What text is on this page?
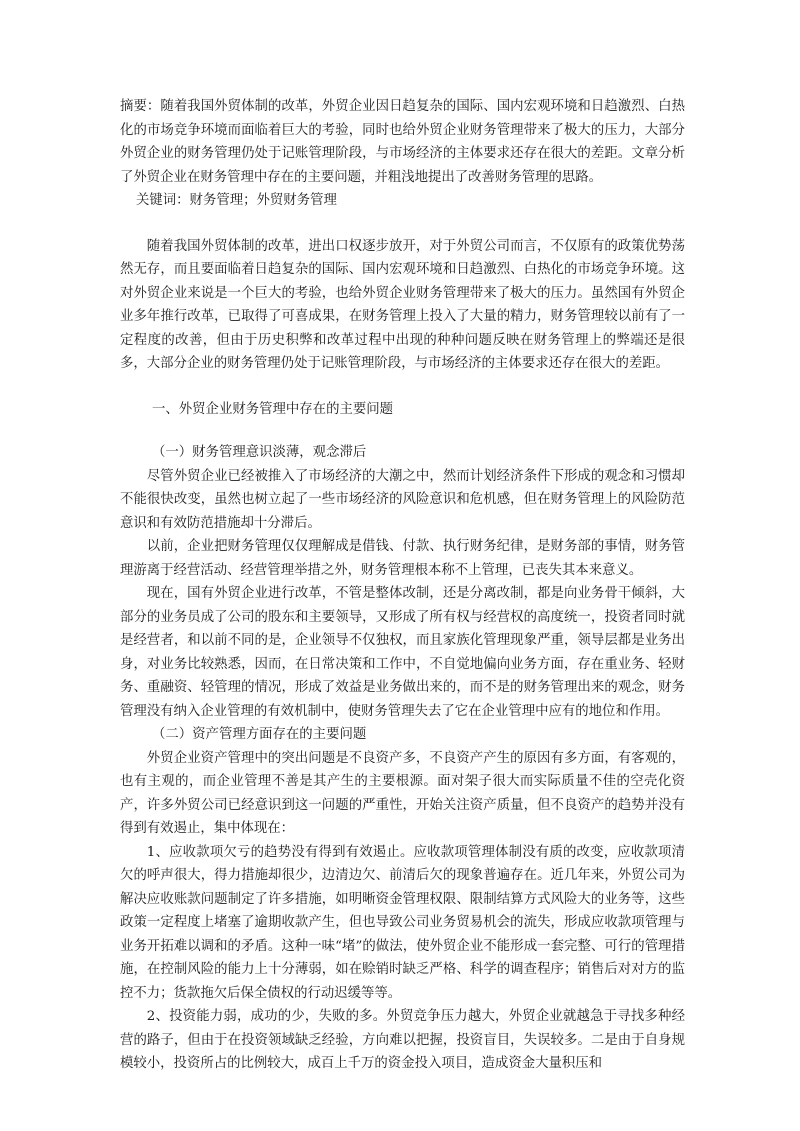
摘要：随着我国外贸体制的改革，外贸企业因日趋复杂的国际、国内宏观环境和日趋激烈、白热化的市场竞争环境而面临着巨大的考验，同时也给外贸企业财务管理带来了极大的压力，大部分外贸企业的财务管理仍处于记账管理阶段，与市场经济的主体要求还存在很大的差距。文章分析了外贸企业在财务管理中存在的主要问题，并粗浅地提出了改善财务管理的思路。

关键词：财务管理；外贸财务管理

随着我国外贸体制的改革，进出口权逐步放开，对于外贸公司而言，不仅原有的政策优势荡然无存，而且要面临着日趋复杂的国际、国内宏观环境和日趋激烈、白热化的市场竞争环境。这对外贸企业来说是一个巨大的考验，也给外贸企业财务管理带来了极大的压力。虽然国有外贸企业多年推行改革，已取得了可喜成果，在财务管理上投入了大量的精力，财务管理较以前有了一定程度的改善，但由于历史积弊和改革过程中出现的种种问题反映在财务管理上的弊端还是很多，大部分企业的财务管理仍处于记账管理阶段，与市场经济的主体要求还存在很大的差距。

一、外贸企业财务管理中存在的主要问题

（一）财务管理意识淡薄，观念滞后

尽管外贸企业已经被推入了市场经济的大潮之中，然而计划经济条件下形成的观念和习惯却不能很快改变，虽然也树立起了一些市场经济的风险意识和危机感，但在财务管理上的风险防范意识和有效防范措施却十分滞后。

以前，企业把财务管理仅仅理解成是借钱、付款、执行财务纪律，是财务部的事情，财务管理游离于经营活动、经营管理举措之外，财务管理根本称不上管理，已丧失其本来意义。

现在，国有外贸企业进行改革，不管是整体改制，还是分离改制，都是向业务骨干倾斜，大部分的业务员成了公司的股东和主要领导，又形成了所有权与经营权的高度统一，投资者同时就是经营者，和以前不同的是，企业领导不仅独权，而且家族化管理现象严重，领导层都是业务出身，对业务比较熟悉，因而，在日常决策和工作中，不自觉地偏向业务方面，存在重业务、轻财务、重融资、轻管理的情况，形成了效益是业务做出来的，而不是的财务管理出来的观念，财务管理没有纳入企业管理的有效机制中，使财务管理失去了它在企业管理中应有的地位和作用。

（二）资产管理方面存在的主要问题

外贸企业资产管理中的突出问题是不良资产多，不良资产产生的原因有多方面，有客观的，也有主观的，而企业管理不善是其产生的主要根源。面对架子很大而实际质量不佳的空壳化资产，许多外贸公司已经意识到这一问题的严重性，开始关注资产质量，但不良资产的趋势并没有得到有效遏止，集中体现在：

1、应收款项欠亏的趋势没有得到有效遏止。应收款项管理体制没有质的改变，应收款项清欠的呼声很大，得力措施却很少，边清边欠、前清后欠的现象普遍存在。近几年来，外贸公司为解决应收账款问题制定了许多措施，如明晰资金管理权限、限制结算方式风险大的业务等，这些政策一定程度上堵塞了逾期收款产生，但也导致公司业务贸易机会的流失，形成应收款项管理与业务开拓难以调和的矛盾。这种一味“堵”的做法，使外贸企业不能形成一套完整、可行的管理措施，在控制风险的能力上十分薄弱，如在赊销时缺乏严格、科学的调查程序；销售后对对方的监控不力；货款拖欠后保全债权的行动迟缓等等。

2、投资能力弱，成功的少，失败的多。外贸竞争压力越大，外贸企业就越急于寻找多种经营的路子，但由于在投资领域缺乏经验，方向难以把握，投资盲目，失误较多。二是由于自身规模较小，投资所占的比例较大，成百上千万的资金投入项目，造成资金大量积压和
